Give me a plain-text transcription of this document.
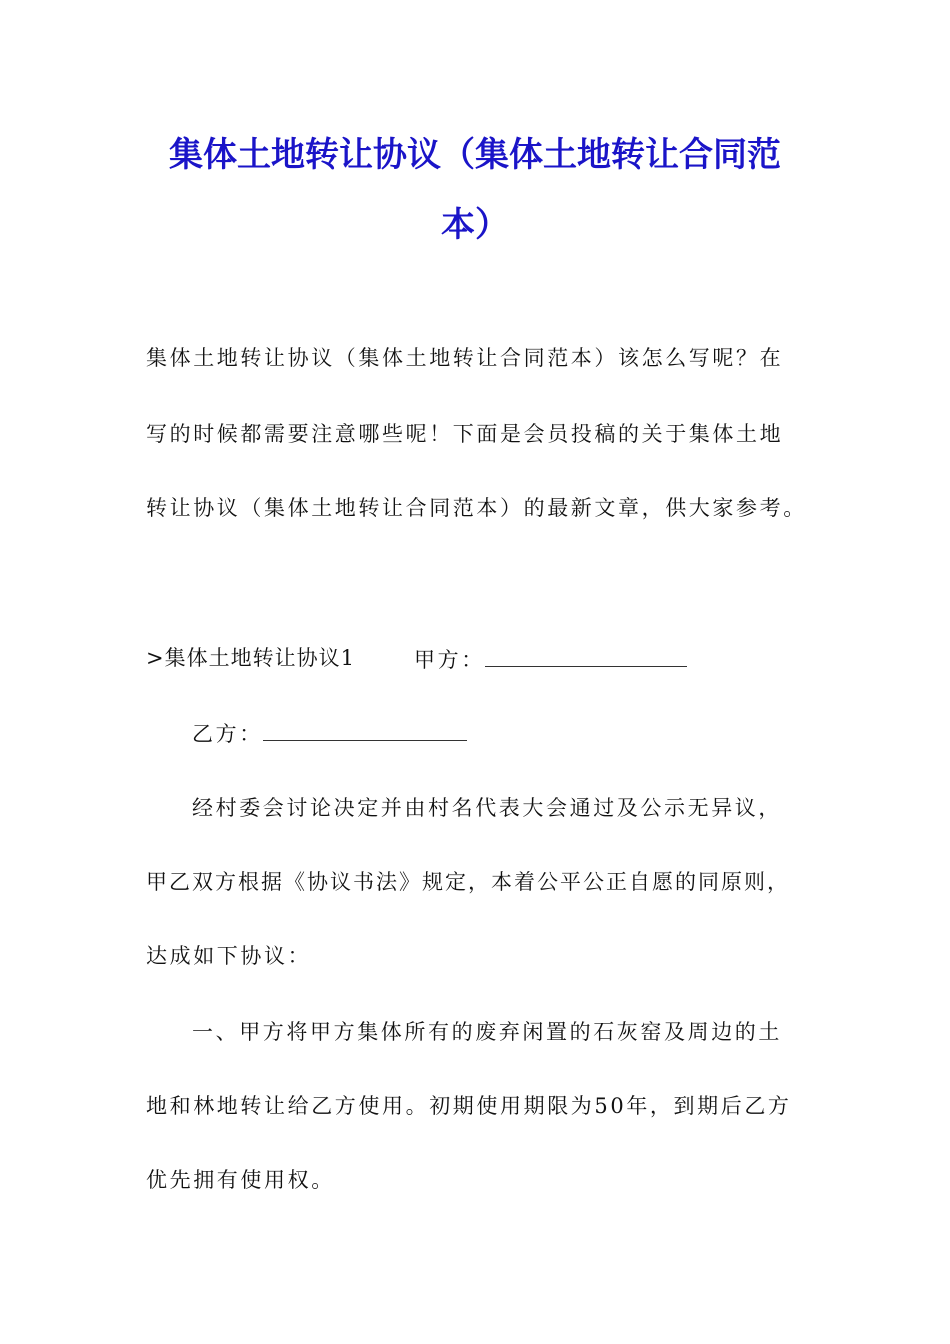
集体土地转让协议（集体土地转让合同范
本）
集体土地转让协议（集体土地转让合同范本）该怎么写呢？在
写的时候都需要注意哪些呢！下面是会员投稿的关于集体土地
转让协议（集体土地转让合同范本）的最新文章，供大家参考。
>集体土地转让协议1	甲方：
乙方：
经村委会讨论决定并由村名代表大会通过及公示无异议，
甲乙双方根据《协议书法》规定，本着公平公正自愿的同原则，
达成如下协议：
一、甲方将甲方集体所有的废弃闲置的石灰窑及周边的土
地和林地转让给乙方使用。初期使用期限为50年，到期后乙方
优先拥有使用权。
